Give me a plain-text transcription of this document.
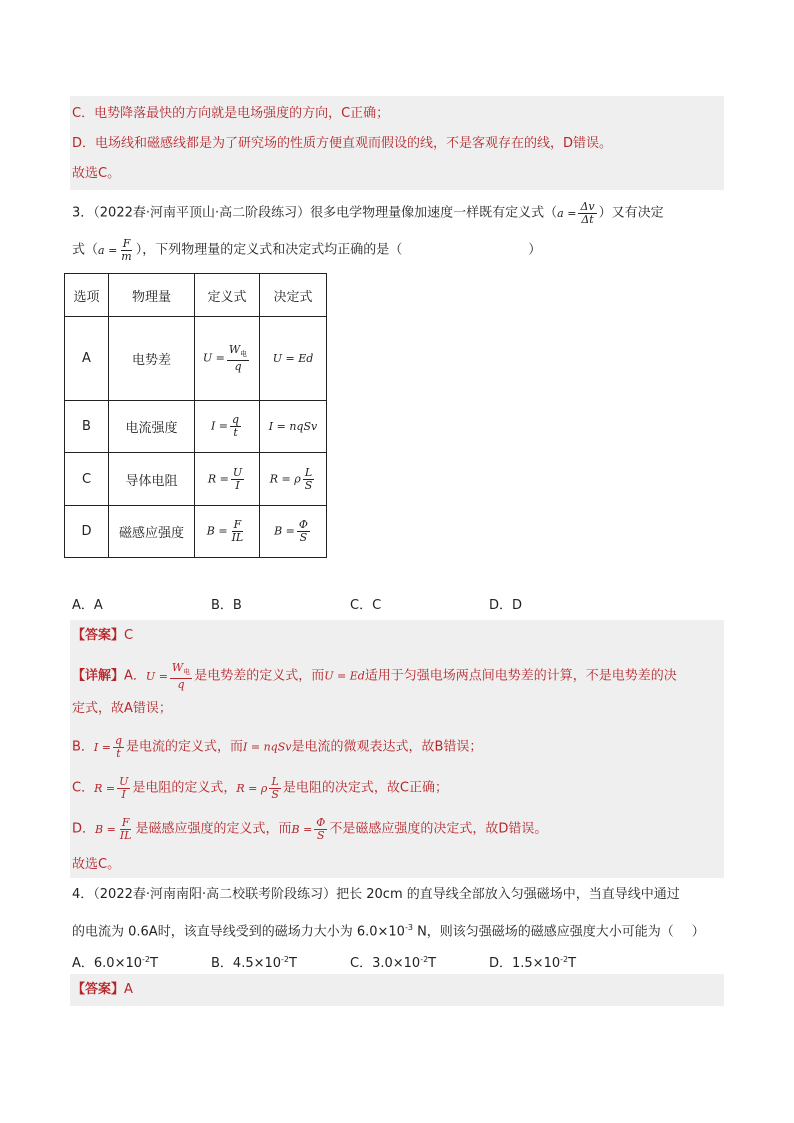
C．电势降落最快的方向就是电场强度的方向，C正确；
D．电场线和磁感线都是为了研究场的性质方便直观而假设的线，不是客观存在的线，D错误。
故选C。
3．（2022春·河南平顶山·高二阶段练习）很多电学物理量像加速度一样既有定义式（$a = \frac{\Delta v}{\Delta t}$ ）又有决定
式（$a = \frac{F}{m}$ ），下列物理量的定义式和决定式均正确的是（	）
选项	物理量	定义式	决定式
A	电势差	$U = \frac{W_电}{q}$	U = Ed
B	电流强度	$I = \frac{q}{t}$	I = nqSv
C	导体电阻	$R = \frac{U}{I}$	R = ρ $\frac{L}{S}$

D	磁感应强度	$B = \frac{F}{IL}$	$B = \frac{\Phi}{S}$
A．A	B．B	C．C	D．D
【答案】C
【详解】A．$U = \frac{W_电}{q}$ 是电势差的定义式，而U = Ed适用于匀强电场两点间电势差的计算，不是电势差的决
定式，故A错误；
B．$I = \frac{q}{t}$ 是电流的定义式，而I = nqSv是电流的微观表达式，故B错误；
C．$R = \frac{U}{I}$ 是电阻的定义式，R = ρ $\frac{L}{S}$ 是电阻的决定式，故C正确；
D．$B = \frac{F}{IL}$ 是磁感应强度的定义式，而$B = \frac{\Phi}{S}$ 不是磁感应强度的决定式，故D错误。
故选C。
4．（2022春·河南南阳·高二校联考阶段练习）把长 20cm 的直导线全部放入匀强磁场中，当直导线中通过
的电流为 0.6A时，该直导线受到的磁场力大小为 $6.0\times 10^{-3}$ N，则该匀强磁场的磁感应强度大小可能为（ ）
A．$6.0\times 10^{-2}T$	B．$4.5\times 10^{-2}T$	C．$3.0\times 10^{-2}T$	D．$1.5\times 10^{-2}T$
【答案】A
